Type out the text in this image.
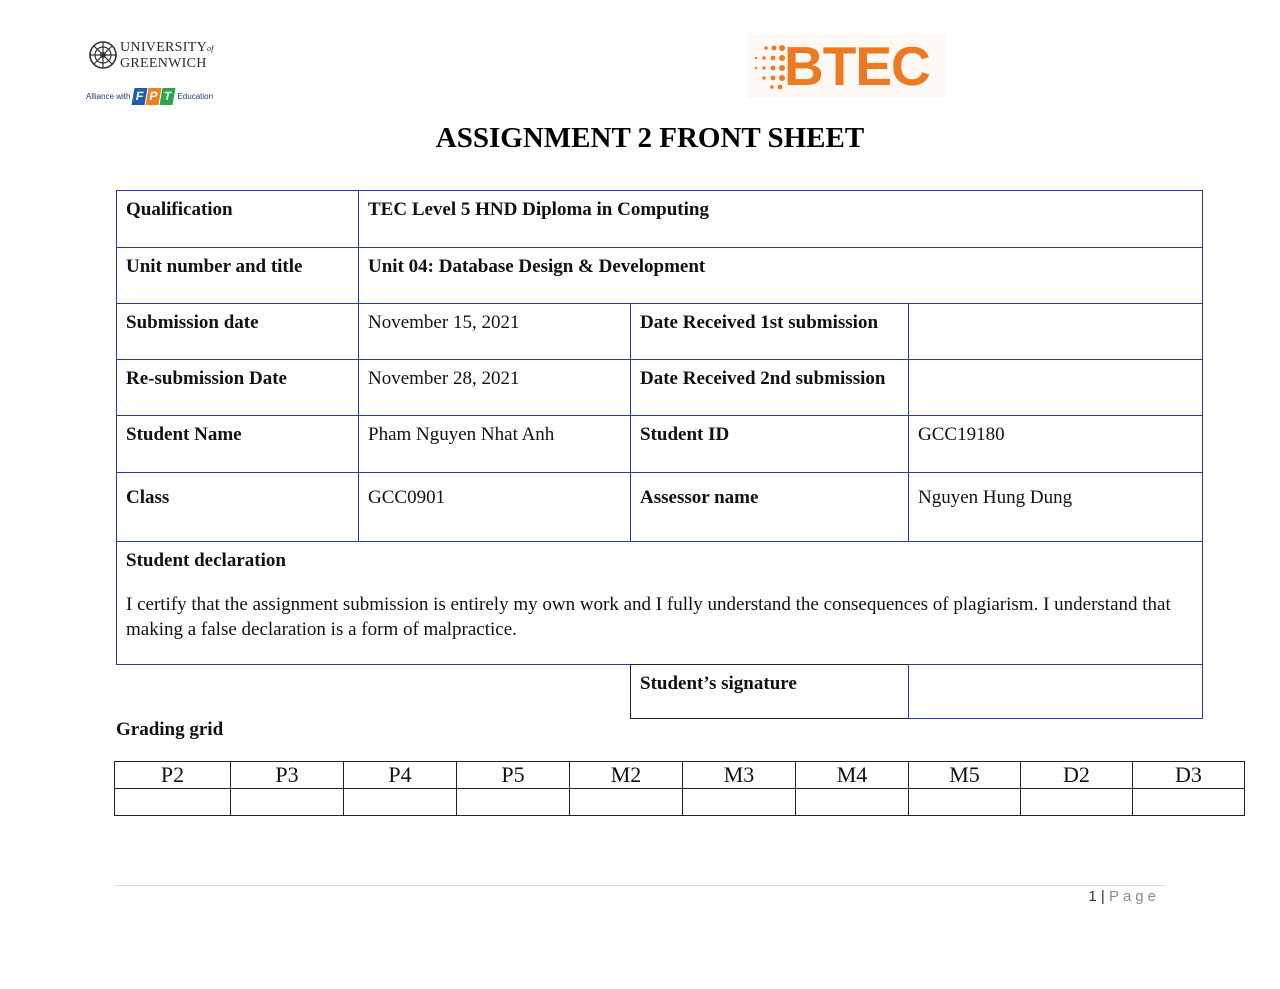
UNIVERSITYof
GREENWICH
Alliance with F P T Education	BTEC
ASSIGNMENT 2 FRONT SHEET
Qualification	TEC Level 5 HND Diploma in Computing
Unit number and title	Unit 04: Database Design & Development
Submission date	November 15, 2021	Date Received 1st submission
Re-submission Date	November 28, 2021	Date Received 2nd submission
Student Name	Pham Nguyen Nhat Anh	Student ID	GCC19180
Class	GCC0901	Assessor name	Nguyen Hung Dung
Student declaration
I certify that the assignment submission is entirely my own work and I fully understand the consequences of plagiarism. I understand that making a false declaration is a form of malpractice.
Student’s signature
Grading grid
P2	P3	P4	P5	M2	M3	M4	M5	D2	D3
1 | Page
